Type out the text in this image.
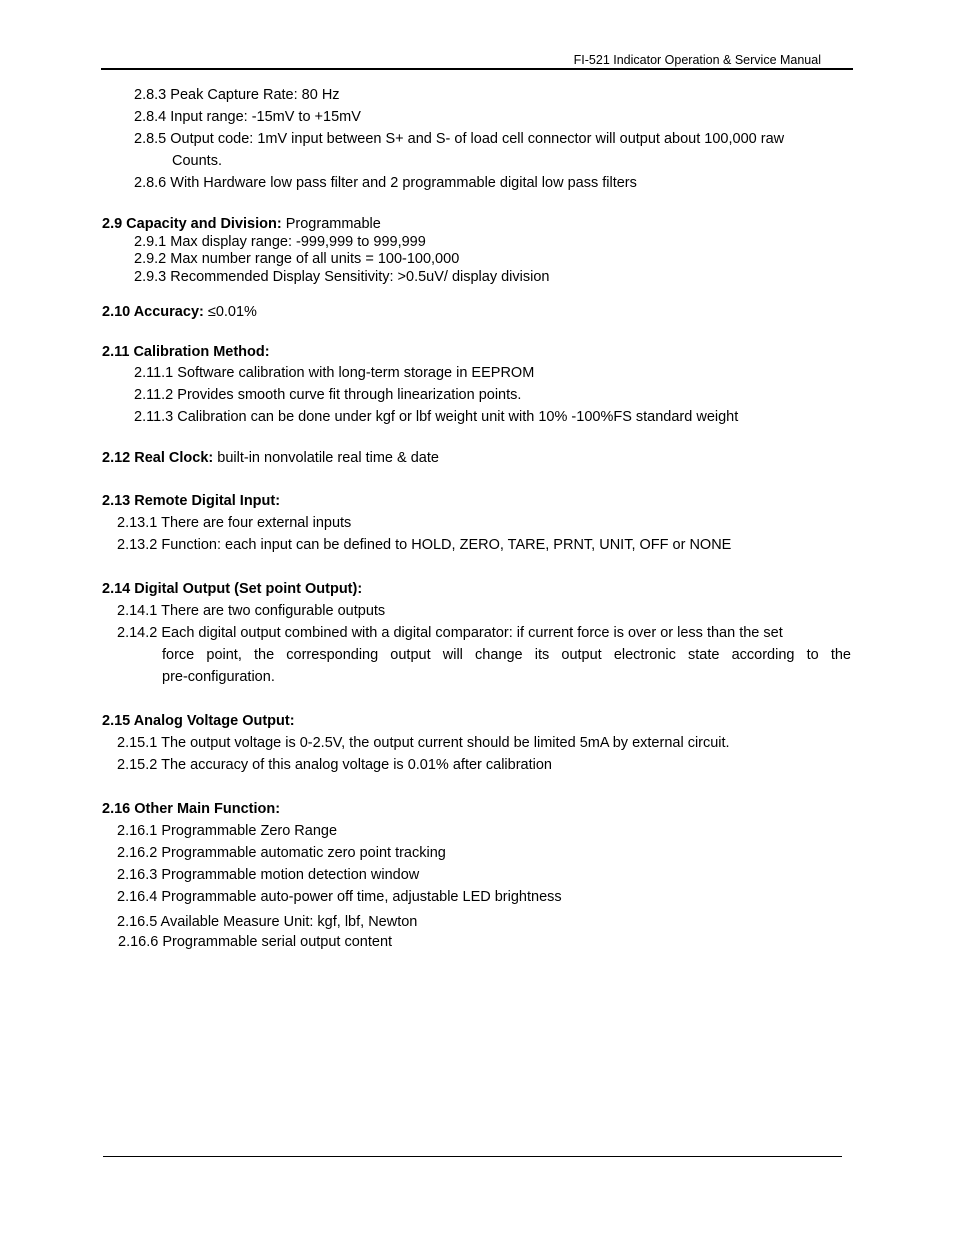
FI-521 Indicator Operation & Service Manual
2.8.3 Peak Capture Rate: 80 Hz
2.8.4 Input range: -15mV to +15mV
2.8.5 Output code: 1mV input between S+ and S- of load cell connector will output about 100,000 raw
Counts.
2.8.6 With Hardware low pass filter and 2 programmable digital low pass filters
2.9 Capacity and Division: Programmable
2.9.1 Max display range: -999,999 to 999,999
2.9.2 Max number range of all units = 100-100,000
2.9.3 Recommended Display Sensitivity: >0.5uV/ display division
2.10 Accuracy: ≤0.01%
2.11 Calibration Method:
2.11.1 Software calibration with long-term storage in EEPROM
2.11.2 Provides smooth curve fit through linearization points.
2.11.3 Calibration can be done under kgf or lbf weight unit with 10% -100%FS standard weight
2.12 Real Clock: built-in nonvolatile real time & date
2.13 Remote Digital Input:
2.13.1 There are four external inputs
2.13.2 Function: each input can be defined to HOLD, ZERO, TARE, PRNT, UNIT, OFF or NONE
2.14 Digital Output (Set point Output):
2.14.1 There are two configurable outputs
2.14.2 Each digital output combined with a digital comparator: if current force is over or less than the set
force point, the corresponding output will change its output electronic state according to the
pre-configuration.
2.15 Analog Voltage Output:
2.15.1 The output voltage is 0-2.5V, the output current should be limited 5mA by external circuit.
2.15.2 The accuracy of this analog voltage is 0.01% after calibration
2.16 Other Main Function:
2.16.1 Programmable Zero Range
2.16.2 Programmable automatic zero point tracking
2.16.3 Programmable motion detection window
2.16.4 Programmable auto-power off time, adjustable LED brightness
2.16.5 Available Measure Unit: kgf, lbf, Newton
2.16.6 Programmable serial output content
